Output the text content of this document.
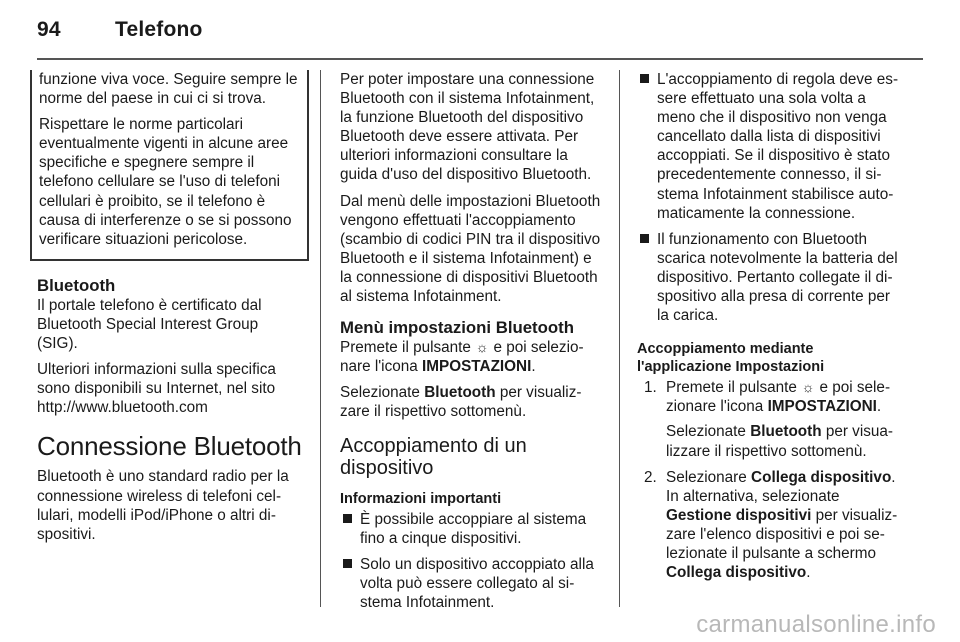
94	Telefono

funzione viva voce. Seguire sempre le norme del paese in cui ci si trova.

Rispettare le norme particolari eventualmente vigenti in alcune aree specifiche e spegnere sempre il telefono cellulare se l'uso di telefoni cellulari è proibito, se il telefono è causa di interferenze o se si possono verificare situazioni pericolose.

Bluetooth

Il portale telefono è certificato dal Bluetooth Special Interest Group (SIG).

Ulteriori informazioni sulla specifica sono disponibili su Internet, nel sito http://www.bluetooth.com

Connessione Bluetooth

Bluetooth è uno standard radio per la connessione wireless di telefoni cellulari, modelli iPod/iPhone o altri dispositivi.

Per poter impostare una connessione Bluetooth con il sistema Infotainment, la funzione Bluetooth del dispositivo Bluetooth deve essere attivata. Per ulteriori informazioni consultare la guida d'uso del dispositivo Bluetooth.

Dal menù delle impostazioni Bluetooth vengono effettuati l'accoppiamento (scambio di codici PIN tra il dispositivo Bluetooth e il sistema Infotainment) e la connessione di dispositivi Bluetooth al sistema Infotainment.

Menù impostazioni Bluetooth

Premete il pulsante ☼ e poi selezionare l'icona IMPOSTAZIONI.

Selezionate Bluetooth per visualizzare il rispettivo sottomenù.

Accoppiamento di un dispositivo
Informazioni importanti
È possibile accoppiare al sistema fino a cinque dispositivi.
Solo un dispositivo accoppiato alla volta può essere collegato al sistema Infotainment.
L'accoppiamento di regola deve essere effettuato una sola volta a meno che il dispositivo non venga cancellato dalla lista di dispositivi accoppiati. Se il dispositivo è stato precedentemente connesso, il sistema Infotainment stabilisce automaticamente la connessione.
Il funzionamento con Bluetooth scarica notevolmente la batteria del dispositivo. Pertanto collegate il dispositivo alla presa di corrente per la carica.
Accoppiamento mediante l'applicazione Impostazioni
1. Premete il pulsante ☼ e poi selezionare l'icona IMPOSTAZIONI.

Selezionate Bluetooth per visualizzare il rispettivo sottomenù.

2. Selezionare Collega dispositivo. In alternativa, selezionate Gestione dispositivi per visualizzare l'elenco dispositivi e poi selezionate il pulsante a schermo Collega dispositivo.

carmanualsonline.info
